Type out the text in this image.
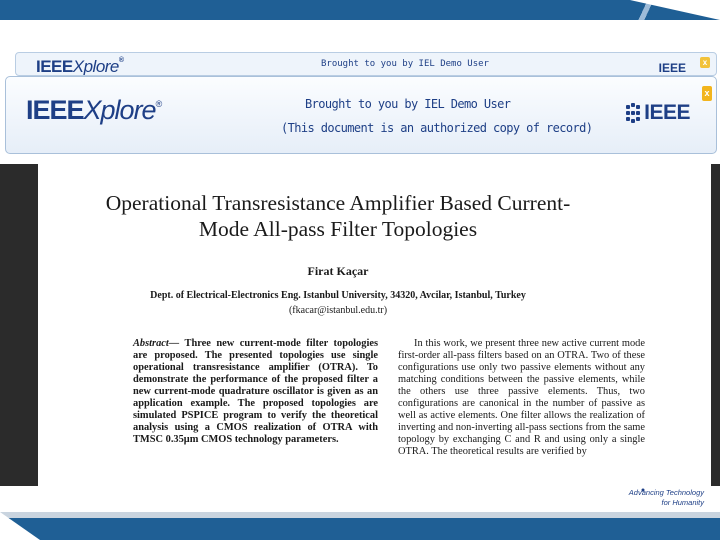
IEEEXplore®	Brought to you by IEL Demo User	IEEE	x
IEEEXplore®	Brought to you by IEL Demo User
(This document is an authorized copy of record)
IEEE
x
Operational Transresistance Amplifier Based Current-
Mode All-pass Filter Topologies
Firat Kaçar
Dept. of Electrical-Electronics Eng. Istanbul University, 34320, Avcilar, Istanbul, Turkey
(fkacar@istanbul.edu.tr)
Abstract— Three new current-mode filter topologies are proposed. The presented topologies use single operational transresistance amplifier (OTRA). To demonstrate the performance of the proposed filter a new current-mode quadrature oscillator is given as an application example. The proposed topologies are simulated PSPICE program to verify the theoretical analysis using a CMOS realization of OTRA with TMSC 0.35μm CMOS technology parameters.
In this work, we present three new active current mode first-order all-pass filters based on an OTRA. Two of these configurations use only two passive elements without any matching conditions between the passive elements, while the others use three passive elements. Thus, two configurations are canonical in the number of passive as well as active elements. One filter allows the realization of inverting and non-inverting all-pass sections from the same topology by exchanging C and R and using only a single OTRA. The theoretical results are verified by
Advancing Technology
for Humanity
